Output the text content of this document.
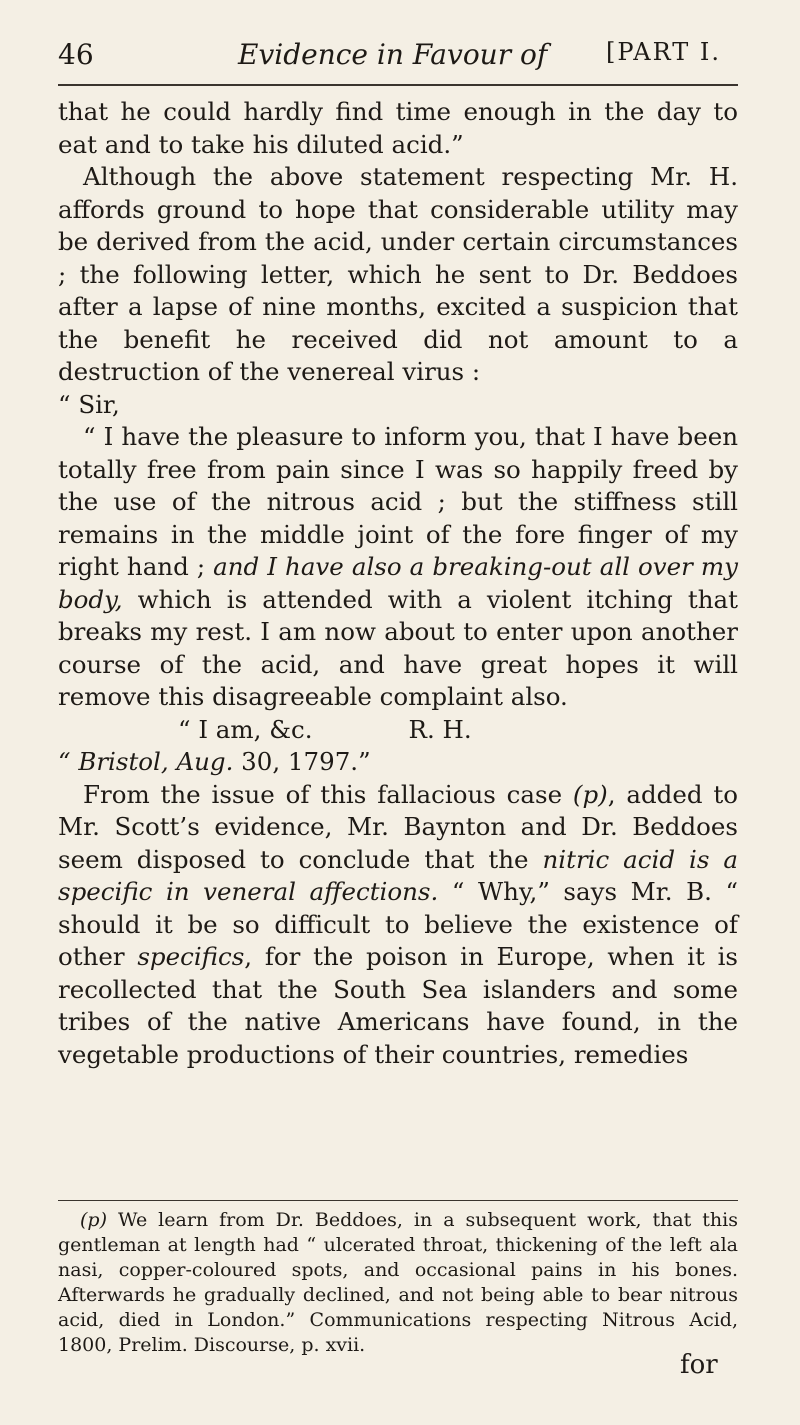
46	Evidence in Favour of [PART I.

that he could hardly find time enough in the day to eat and to take his diluted acid.”

Although the above statement respecting Mr. H. affords ground to hope that considerable utility may be derived from the acid, under certain circumstances ; the following letter, which he sent to Dr. Beddoes after a lapse of nine months, excited a suspicion that the benefit he received did not amount to a destruction of the venereal virus :

“ Sir,

“ I have the pleasure to inform you, that I have been totally free from pain since I was so happily freed by the use of the nitrous acid ; but the stiffness still remains in the middle joint of the fore finger of my right hand ; and I have also a breaking-out all over my body, which is attended with a violent itching that breaks my rest. I am now about to enter upon another course of the acid, and have great hopes it will remove this disagreeable complaint also.

“ I am, &c.	R. H.

“ Bristol, Aug. 30, 1797.”

From the issue of this fallacious case (p), added to Mr. Scott’s evidence, Mr. Baynton and Dr. Beddoes seem disposed to conclude that the nitric acid is a specific in veneral affections. “ Why,” says Mr. B. “ should it be so difficult to believe the existence of other specifics, for the poison in Europe, when it is recollected that the South Sea islanders and some tribes of the native Americans have found, in the vegetable productions of their countries, remedies

(p) We learn from Dr. Beddoes, in a subsequent work, that this gentleman at length had “ ulcerated throat, thickening of the left ala nasi, copper-coloured spots, and occasional pains in his bones. Afterwards he gradually declined, and not being able to bear nitrous acid, died in London.” Communications respecting Nitrous Acid, 1800, Prelim. Discourse, p. xvii.

for
